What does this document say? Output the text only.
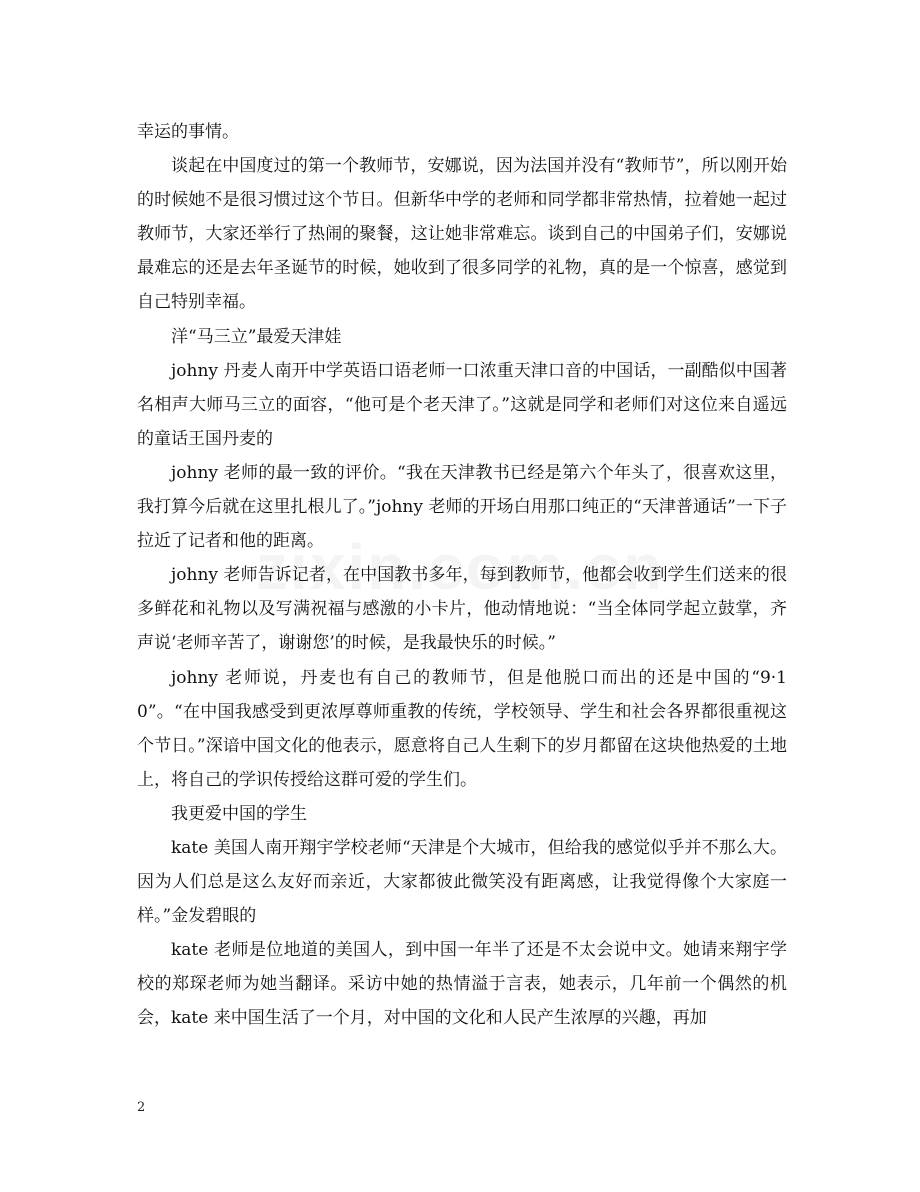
幸运的事情。

谈起在中国度过的第一个教师节，安娜说，因为法国并没有“教师节”，所以刚开始的时候她不是很习惯过这个节日。但新华中学的老师和同学都非常热情，拉着她一起过教师节，大家还举行了热闹的聚餐，这让她非常难忘。谈到自己的中国弟子们，安娜说最难忘的还是去年圣诞节的时候，她收到了很多同学的礼物，真的是一个惊喜，感觉到自己特别幸福。

洋“马三立”最爱天津娃

johny 丹麦人南开中学英语口语老师一口浓重天津口音的中国话，一副酷似中国著名相声大师马三立的面容，“他可是个老天津了。”这就是同学和老师们对这位来自遥远的童话王国丹麦的

johny 老师的最一致的评价。“我在天津教书已经是第六个年头了，很喜欢这里，我打算今后就在这里扎根儿了。”johny 老师的开场白用那口纯正的“天津普通话”一下子拉近了记者和他的距离。

johny 老师告诉记者，在中国教书多年，每到教师节，他都会收到学生们送来的很多鲜花和礼物以及写满祝福与感激的小卡片，他动情地说：“当全体同学起立鼓掌，齐声说‘老师辛苦了，谢谢您’的时候，是我最快乐的时候。”

johny 老师说，丹麦也有自己的教师节，但是他脱口而出的还是中国的“9·10”。“在中国我感受到更浓厚尊师重教的传统，学校领导、学生和社会各界都很重视这个节日。”深谙中国文化的他表示，愿意将自己人生剩下的岁月都留在这块他热爱的土地上，将自己的学识传授给这群可爱的学生们。

我更爱中国的学生

kate 美国人南开翔宇学校老师“天津是个大城市，但给我的感觉似乎并不那么大。因为人们总是这么友好而亲近，大家都彼此微笑没有距离感，让我觉得像个大家庭一样。”金发碧眼的

kate 老师是位地道的美国人，到中国一年半了还是不太会说中文。她请来翔宇学校的郑琛老师为她当翻译。采访中她的热情溢于言表，她表示，几年前一个偶然的机会，kate 来中国生活了一个月，对中国的文化和人民产生浓厚的兴趣，再加

2
